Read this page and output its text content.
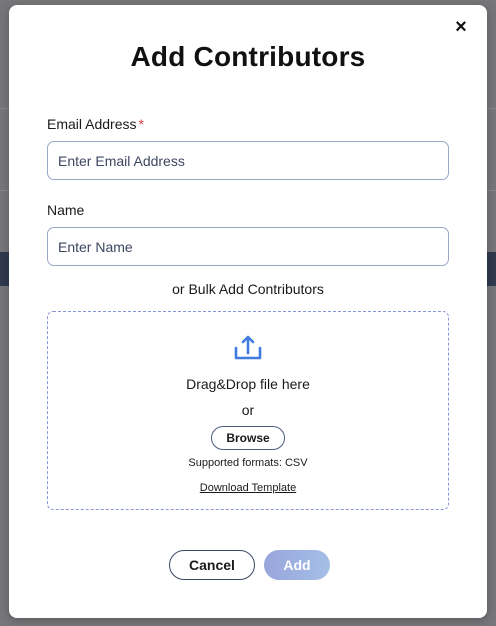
×
Add Contributors
Email Address *
Enter Email Address
Name
Enter Name
or Bulk Add Contributors
Drag&Drop file here
or
Browse
Supported formats: CSV
Download Template
Cancel	Add
